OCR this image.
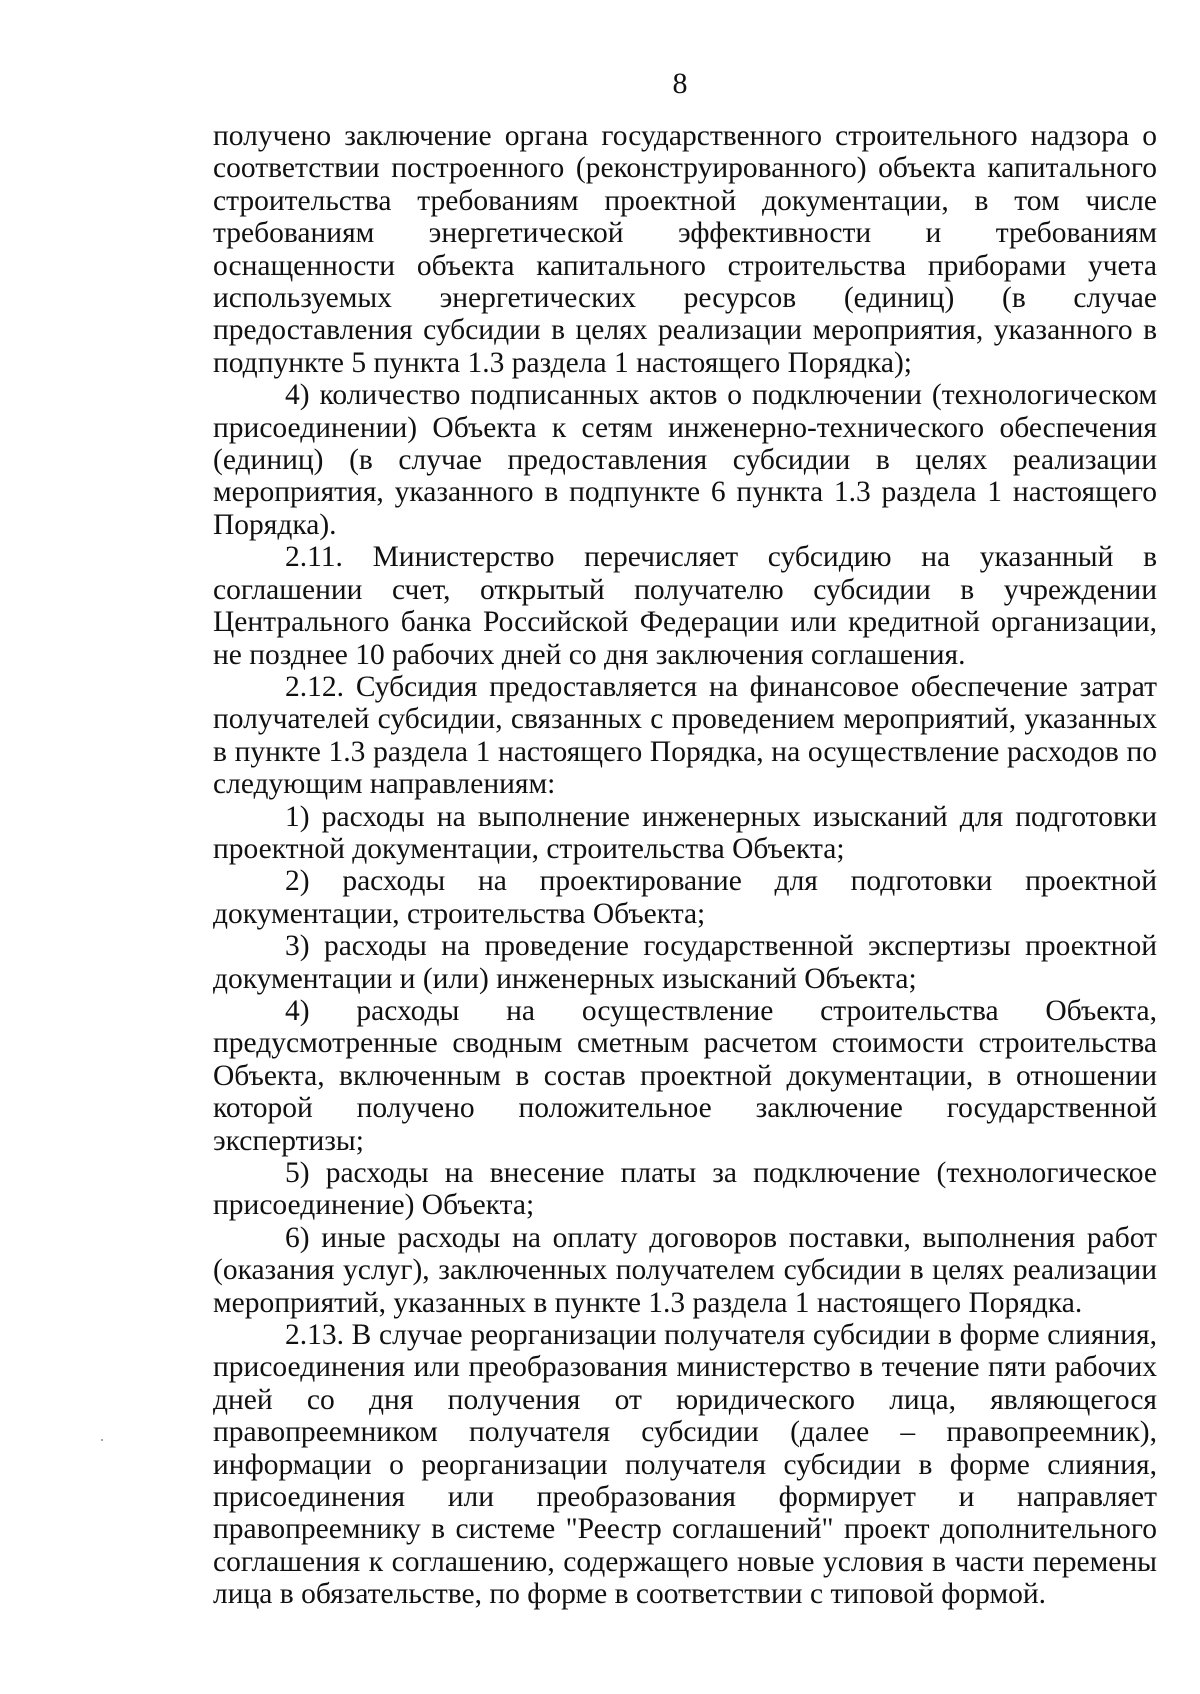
8

получено заключение органа государственного строительного надзора о соответствии построенного (реконструированного) объекта капитального строительства требованиям проектной документации, в том числе требованиям энергетической эффективности и требованиям оснащенности объекта капитального строительства приборами учета используемых энергетических ресурсов (единиц) (в случае предоставления субсидии в целях реализации мероприятия, указанного в подпункте 5 пункта 1.3 раздела 1 настоящего Порядка);

4) количество подписанных актов о подключении (технологическом присоединении) Объекта к сетям инженерно-технического обеспечения (единиц) (в случае предоставления субсидии в целях реализации мероприятия, указанного в подпункте 6 пункта 1.3 раздела 1 настоящего Порядка).

2.11. Министерство перечисляет субсидию на указанный в соглашении счет, открытый получателю субсидии в учреждении Центрального банка Российской Федерации или кредитной организации, не позднее 10 рабочих дней со дня заключения соглашения.

2.12. Субсидия предоставляется на финансовое обеспечение затрат получателей субсидии, связанных с проведением мероприятий, указанных в пункте 1.3 раздела 1 настоящего Порядка, на осуществление расходов по следующим направлениям:

1) расходы на выполнение инженерных изысканий для подготовки проектной документации, строительства Объекта;

2) расходы на проектирование для подготовки проектной документации, строительства Объекта;

3) расходы на проведение государственной экспертизы проектной документации и (или) инженерных изысканий Объекта;

4) расходы на осуществление строительства Объекта, предусмотренные сводным сметным расчетом стоимости строительства Объекта, включенным в состав проектной документации, в отношении которой получено положительное заключение государственной экспертизы;

5) расходы на внесение платы за подключение (технологическое присоединение) Объекта;

6) иные расходы на оплату договоров поставки, выполнения работ (оказания услуг), заключенных получателем субсидии в целях реализации мероприятий, указанных в пункте 1.3 раздела 1 настоящего Порядка.

2.13. В случае реорганизации получателя субсидии в форме слияния, присоединения или преобразования министерство в течение пяти рабочих дней со дня получения от юридического лица, являющегося правопреемником получателя субсидии (далее – правопреемник), информации о реорганизации получателя субсидии в форме слияния, присоединения или преобразования формирует и направляет правопреемнику в системе "Реестр соглашений" проект дополнительного соглашения к соглашению, содержащего новые условия в части перемены лица в обязательстве, по форме в соответствии с типовой формой.
